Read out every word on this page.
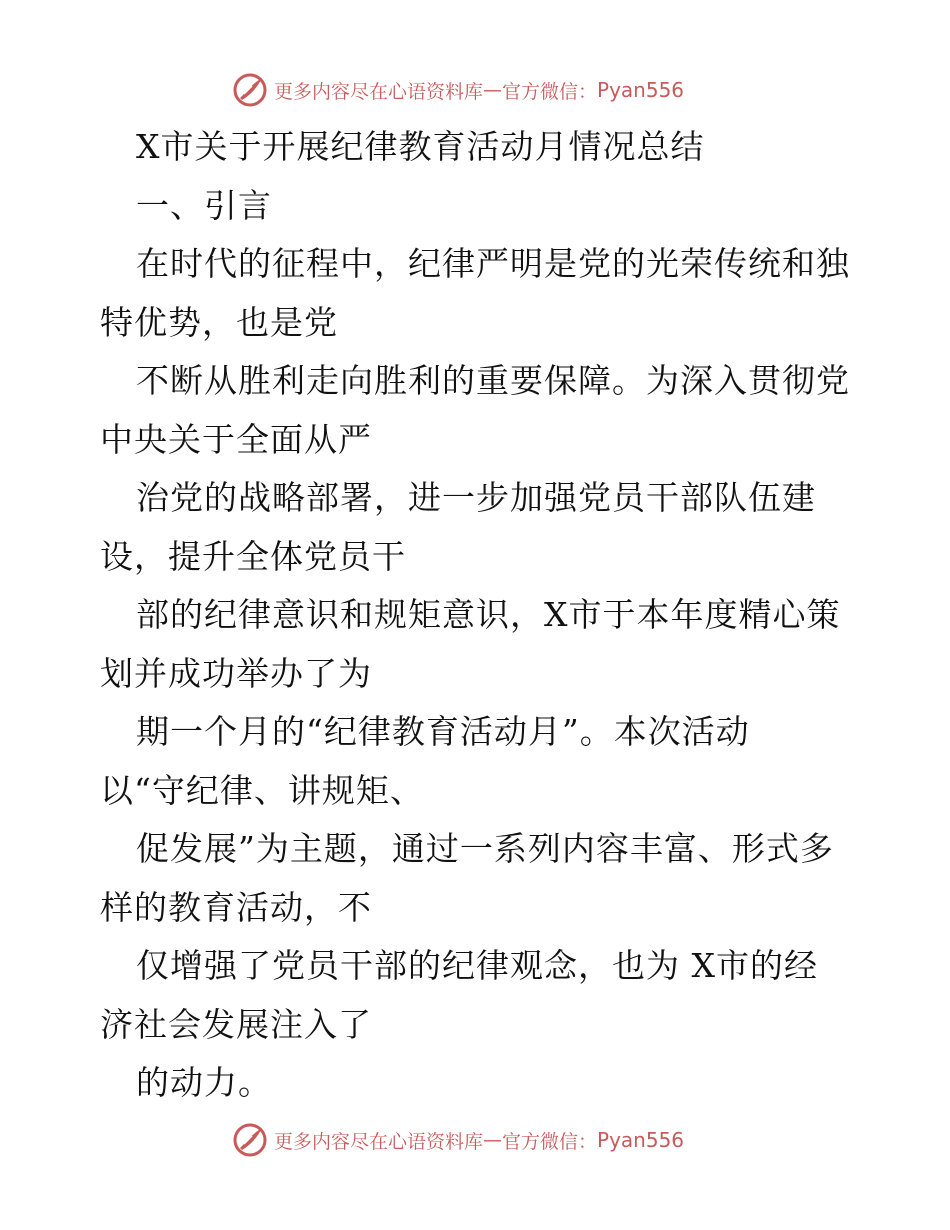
更多内容尽在心语资料库 — 官方微信： Pyan556
X市关于开展纪律教育活动月情况总结
一、引言
在时代的征程中，纪律严明是党的光荣传统和独
特优势，也是党
不断从胜利走向胜利的重要保障。为深入贯彻党
中央关于全面从严
治党的战略部署，进一步加强党员干部队伍建
设，提升全体党员干
部的纪律意识和规矩意识，X市于本年度精心策
划并成功举办了为
期一个月的“纪律教育活动月”。本次活动
以“守纪律、讲规矩、
促发展”为主题，通过一系列内容丰富、形式多
样的教育活动，不
仅增强了党员干部的纪律观念，也为 X市的经
济社会发展注入了
的动力。
更多内容尽在心语资料库 — 官方微信： Pyan556
